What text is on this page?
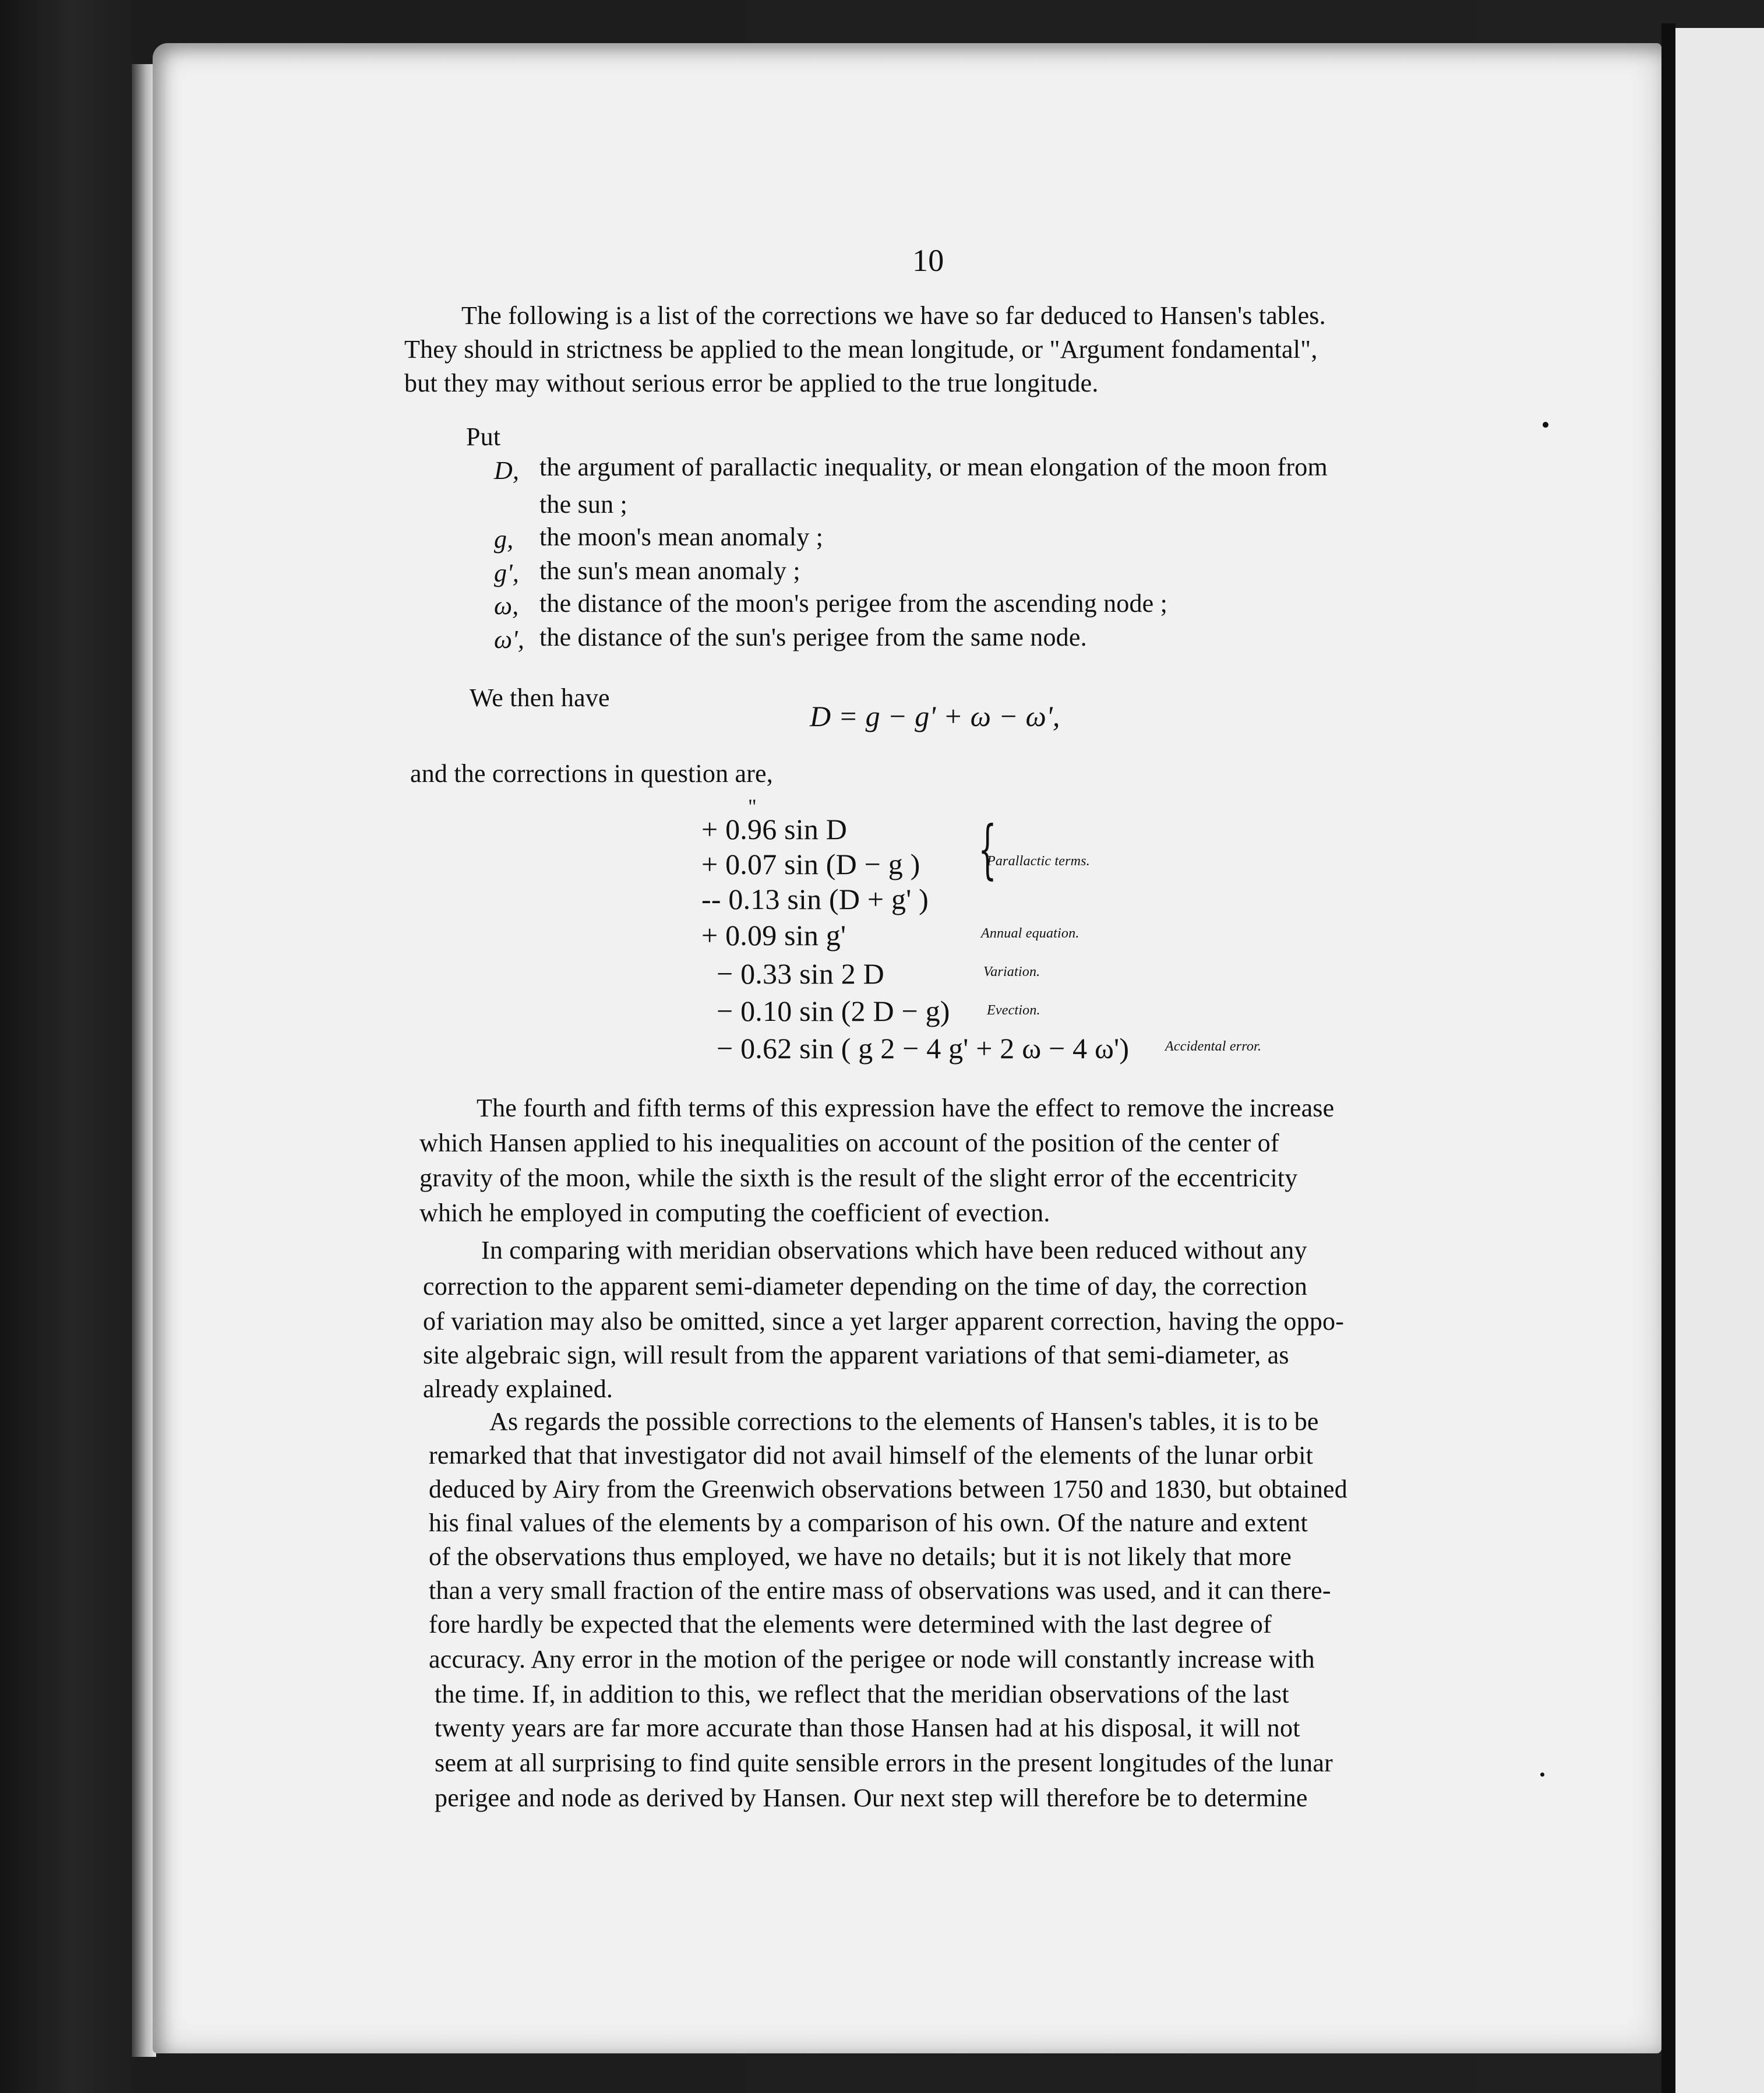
10
The following is a list of the corrections we have so far deduced to Hansen's tables.
They should in strictness be applied to the mean longitude, or "Argument fondamental",
but they may without serious error be applied to the true longitude.
Put
D, the argument of parallactic inequality, or mean elongation of the moon from
the sun ;
g, the moon's mean anomaly ;
g', the sun's mean anomaly ;
ω, the distance of the moon's perigee from the ascending node ;
ω', the distance of the sun's perigee from the same node.
We then have
D = g − g' + ω − ω',
and the corrections in question are,
"
+ 0.96 sin D
+ 0.07 sin (D − g )
-- 0.13 sin (D + g' )
{
Parallactic terms.
+ 0.09 sin g'	Annual equation.
− 0.33 sin 2 D	Variation.
− 0.10 sin (2 D − g)	Evection.
− 0.62 sin ( g 2 − 4 g' + 2 ω − 4 ω')	Accidental error.
The fourth and fifth terms of this expression have the effect to remove the increase
which Hansen applied to his inequalities on account of the position of the center of
gravity of the moon, while the sixth is the result of the slight error of the eccentricity
which he employed in computing the coefficient of evection.
In comparing with meridian observations which have been reduced without any
correction to the apparent semi-diameter depending on the time of day, the correction
of variation may also be omitted, since a yet larger apparent correction, having the oppo-
site algebraic sign, will result from the apparent variations of that semi-diameter, as
already explained.
As regards the possible corrections to the elements of Hansen's tables, it is to be
remarked that that investigator did not avail himself of the elements of the lunar orbit
deduced by Airy from the Greenwich observations between 1750 and 1830, but obtained
his final values of the elements by a comparison of his own. Of the nature and extent
of the observations thus employed, we have no details; but it is not likely that more
than a very small fraction of the entire mass of observations was used, and it can there-
fore hardly be expected that the elements were determined with the last degree of
accuracy. Any error in the motion of the perigee or node will constantly increase with
the time. If, in addition to this, we reflect that the meridian observations of the last
twenty years are far more accurate than those Hansen had at his disposal, it will not
seem at all surprising to find quite sensible errors in the present longitudes of the lunar
perigee and node as derived by Hansen. Our next step will therefore be to determine
